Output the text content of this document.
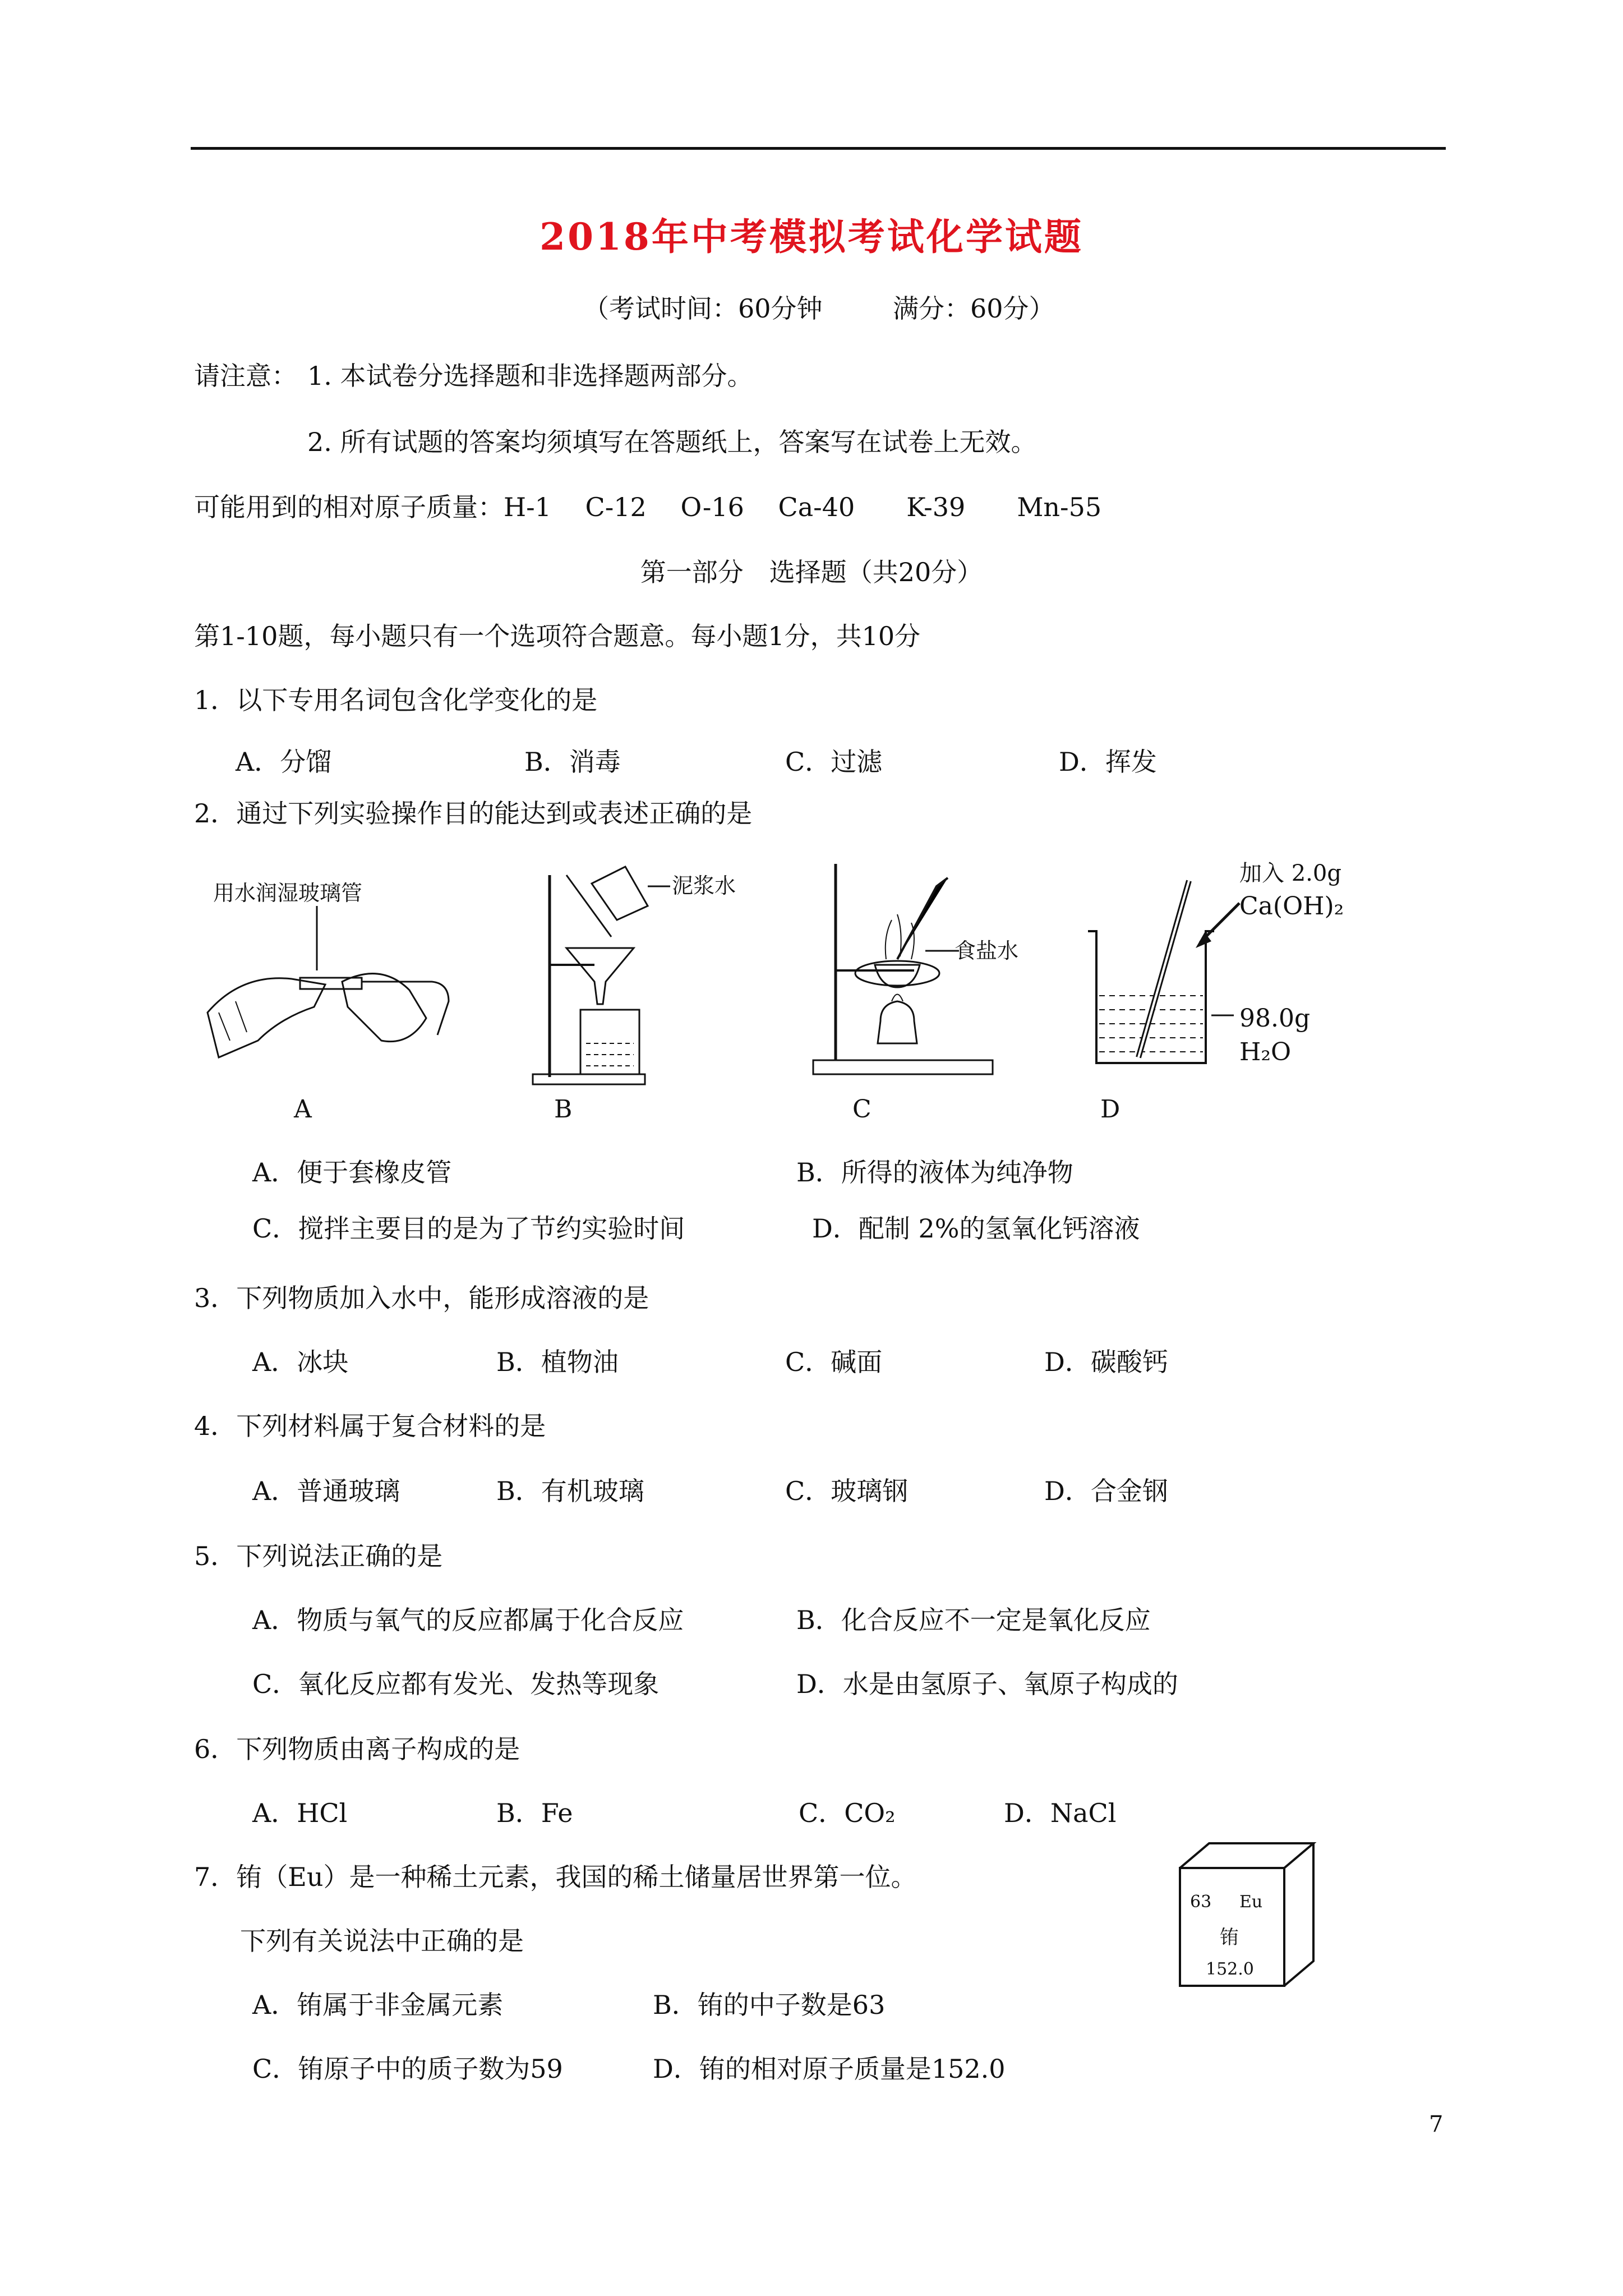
2018年中考模拟考试化学试题
（考试时间：60分钟	满分：60分）
请注意： 1. 本试卷分选择题和非选择题两部分。
2. 所有试题的答案均须填写在答题纸上，答案写在试卷上无效。
可能用到的相对原子质量：H-1　 C-12　 O-16　 Ca-40　　K-39　　Mn-55
第一部分　选择题（共20分）
第1-10题，每小题只有一个选项符合题意。每小题1分，共10分
1．以下专用名词包含化学变化的是
A．分馏	B．消毒	C．过滤	D．挥发
2．通过下列实验操作目的能达到或表述正确的是
用水润湿玻璃管
A
泥浆水
B
食盐水
C
加入 2.0g
Ca(OH)₂
98.0g
H₂O
D
A．便于套橡皮管	B．所得的液体为纯净物
C．搅拌主要目的是为了节约实验时间	D．配制 2%的氢氧化钙溶液
3．下列物质加入水中，能形成溶液的是
A．冰块	B．植物油	C．碱面	D．碳酸钙
4．下列材料属于复合材料的是
A．普通玻璃	B．有机玻璃	C．玻璃钢	D．合金钢
5．下列说法正确的是
A．物质与氧气的反应都属于化合反应	B．化合反应不一定是氧化反应
C．氧化反应都有发光、发热等现象	D．水是由氢原子、氧原子构成的
6．下列物质由离子构成的是
A．HCl	B．Fe	C．CO₂	D．NaCl
7．铕（Eu）是一种稀土元素，我国的稀土储量居世界第一位。
下列有关说法中正确的是
63 Eu
铕
152.0
A．铕属于非金属元素	B．铕的中子数是63
C．铕原子中的质子数为59	D．铕的相对原子质量是152.0
7
